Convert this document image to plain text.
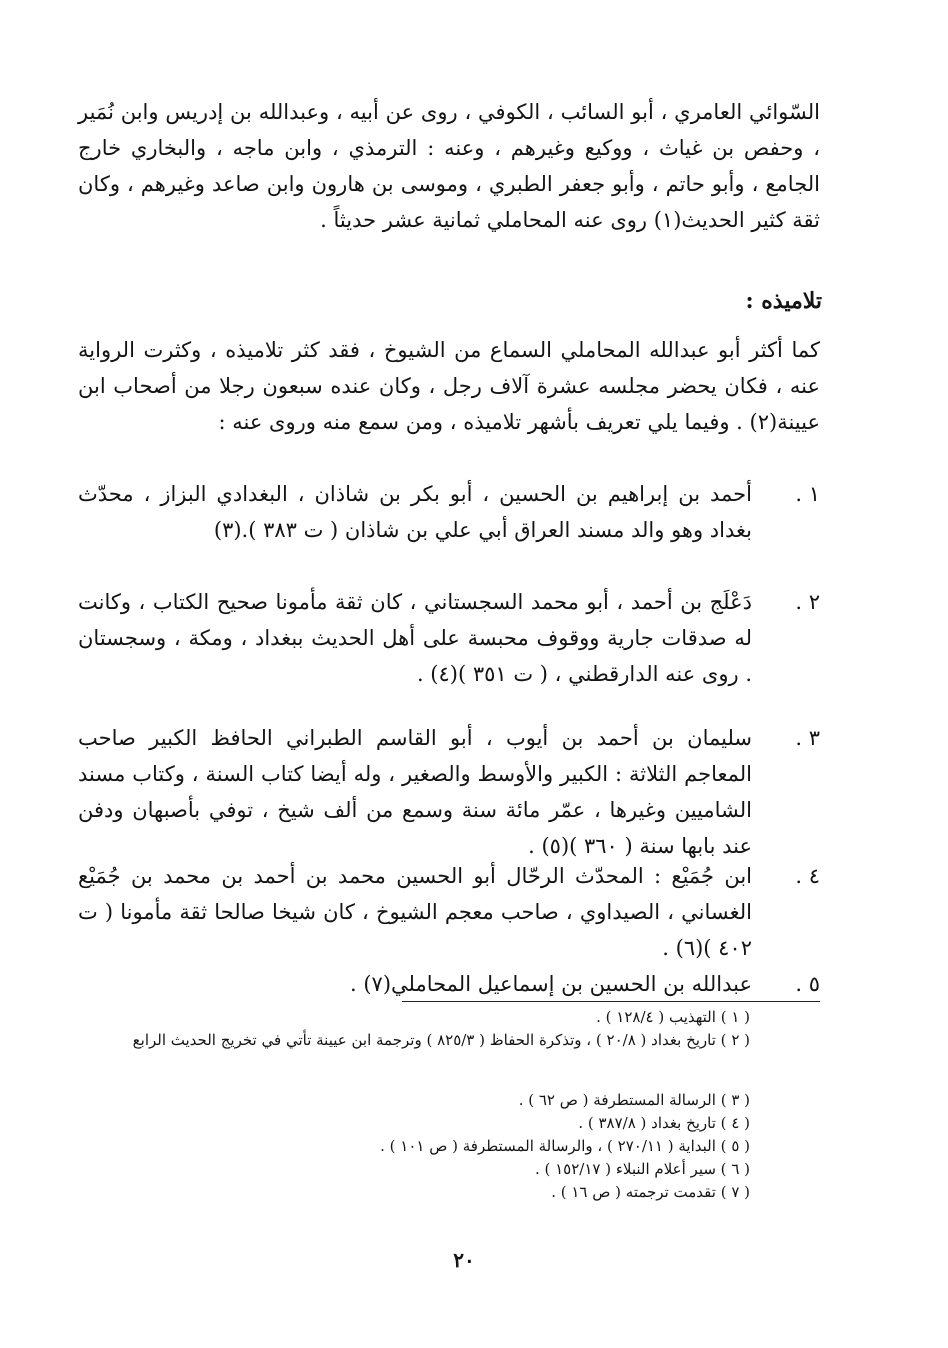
السّوائي العامري ، أبو السائب ، الكوفي ، روى عن أبيه ، وعبدالله بن إدريس وابن نُمَير ، وحفص بن غياث ، ووكيع وغيرهم ، وعنه : الترمذي ، وابن ماجه ، والبخاري خارج الجامع ، وأبو حاتم ، وأبو جعفر الطبري ، وموسى بن هارون وابن صاعد وغيرهم ، وكان ثقة كثير الحديث(١) روى عنه المحاملي ثمانية عشر حديثاً .

تلاميذه :

كما أكثر أبو عبدالله المحاملي السماع من الشيوخ ، فقد كثر تلاميذه ، وكثرت الرواية عنه ، فكان يحضر مجلسه عشرة آلاف رجل ، وكان عنده سبعون رجلا من أصحاب ابن عيينة(٢) . وفيما يلي تعريف بأشهر تلاميذه ، ومن سمع منه وروى عنه :

١ .
أحمد بن إبراهيم بن الحسين ، أبو بكر بن شاذان ، البغدادي البزاز ، محدّث بغداد وهو والد مسند العراق أبي علي بن شاذان ( ت ٣٨٣ ).(٣)
٢ .
دَعْلَج بن أحمد ، أبو محمد السجستاني ، كان ثقة مأمونا صحيح الكتاب ، وكانت له صدقات جارية ووقوف محبسة على أهل الحديث ببغداد ، ومكة ، وسجستان . روى عنه الدارقطني ، ( ت ٣٥١ )(٤) .
٣ .
سليمان بن أحمد بن أيوب ، أبو القاسم الطبراني الحافظ الكبير صاحب المعاجم الثلاثة : الكبير والأوسط والصغير ، وله أيضا كتاب السنة ، وكتاب مسند الشاميين وغيرها ، عمّر مائة سنة وسمع من ألف شيخ ، توفي بأصبهان ودفن عند بابها سنة ( ٣٦٠ )(٥) .
٤ .
ابن جُمَيْع : المحدّث الرحّال أبو الحسين محمد بن أحمد بن محمد بن جُمَيْع الغساني ، الصيداوي ، صاحب معجم الشيوخ ، كان شيخا صالحا ثقة مأمونا ( ت ٤٠٢ )(٦) .
٥ .
عبدالله بن الحسين بن إسماعيل المحاملي(٧) .
( ١ ) التهذيب ( ١٢٨/٤ ) .
( ٢ ) تاريخ بغداد ( ٢٠/٨ ) ، وتذكرة الحفاظ ( ٨٢٥/٣ ) وترجمة ابن عيينة تأتي في تخريج الحديث الرابع
( ٣ ) الرسالة المستطرفة ( ص ٦٢ ) .
( ٤ ) تاريخ بغداد ( ٣٨٧/٨ ) .
( ٥ ) البداية ( ٢٧٠/١١ ) ، والرسالة المستطرفة ( ص ١٠١ ) .
( ٦ ) سير أعلام النبلاء ( ١٥٢/١٧ ) .
( ٧ ) تقدمت ترجمته ( ص ١٦ ) .
٢٠
